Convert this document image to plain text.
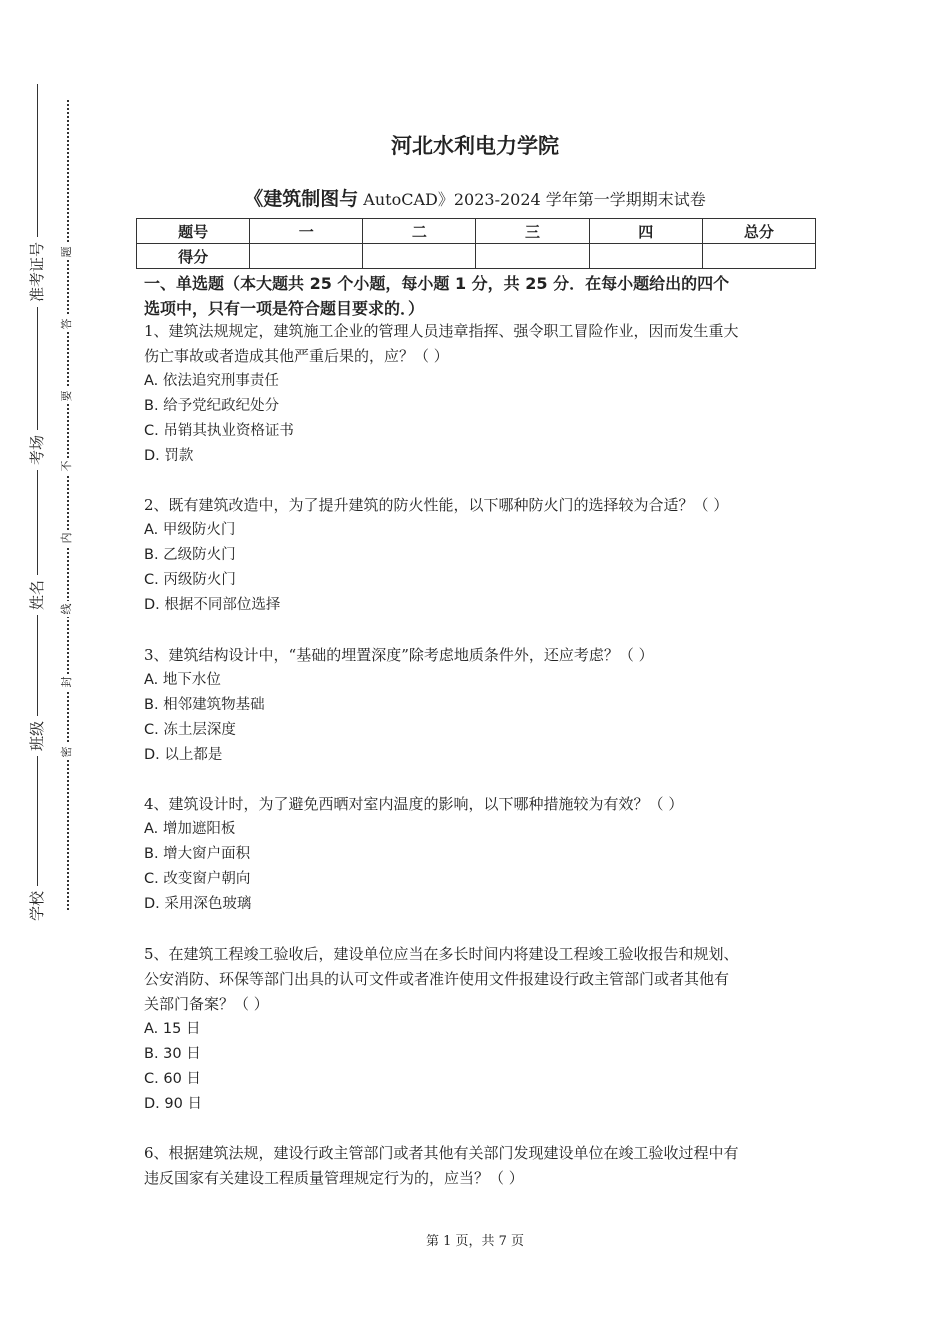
准考证号
考场
姓名
班级
学校
题
答
要
不
内
线
封
密
河北水利电力学院
《建筑制图与 AutoCAD》2023-2024 学年第一学期期末试卷
题号	一	二	三	四	总分
得分					
一、单选题（本大题共 25 个小题，每小题 1 分，共 25 分．在每小题给出的四个
选项中，只有一项是符合题目要求的．）

1、建筑法规规定，建筑施工企业的管理人员违章指挥、强令职工冒险作业，因而发生重大

伤亡事故或者造成其他严重后果的，应？（ ）

A. 依法追究刑事责任

B. 给予党纪政纪处分

C. 吊销其执业资格证书

D. 罚款

2、既有建筑改造中，为了提升建筑的防火性能，以下哪种防火门的选择较为合适？（ ）

A. 甲级防火门

B. 乙级防火门

C. 丙级防火门

D. 根据不同部位选择

3、建筑结构设计中，“基础的埋置深度”除考虑地质条件外，还应考虑？（ ）

A. 地下水位

B. 相邻建筑物基础

C. 冻土层深度

D. 以上都是

4、建筑设计时，为了避免西晒对室内温度的影响，以下哪种措施较为有效？（ ）

A. 增加遮阳板

B. 增大窗户面积

C. 改变窗户朝向

D. 采用深色玻璃

5、在建筑工程竣工验收后，建设单位应当在多长时间内将建设工程竣工验收报告和规划、

公安消防、环保等部门出具的认可文件或者准许使用文件报建设行政主管部门或者其他有

关部门备案？（ ）

A. 15 日

B. 30 日

C. 60 日

D. 90 日

6、根据建筑法规，建设行政主管部门或者其他有关部门发现建设单位在竣工验收过程中有

违反国家有关建设工程质量管理规定行为的，应当？（ ）

第 1 页，共 7 页
